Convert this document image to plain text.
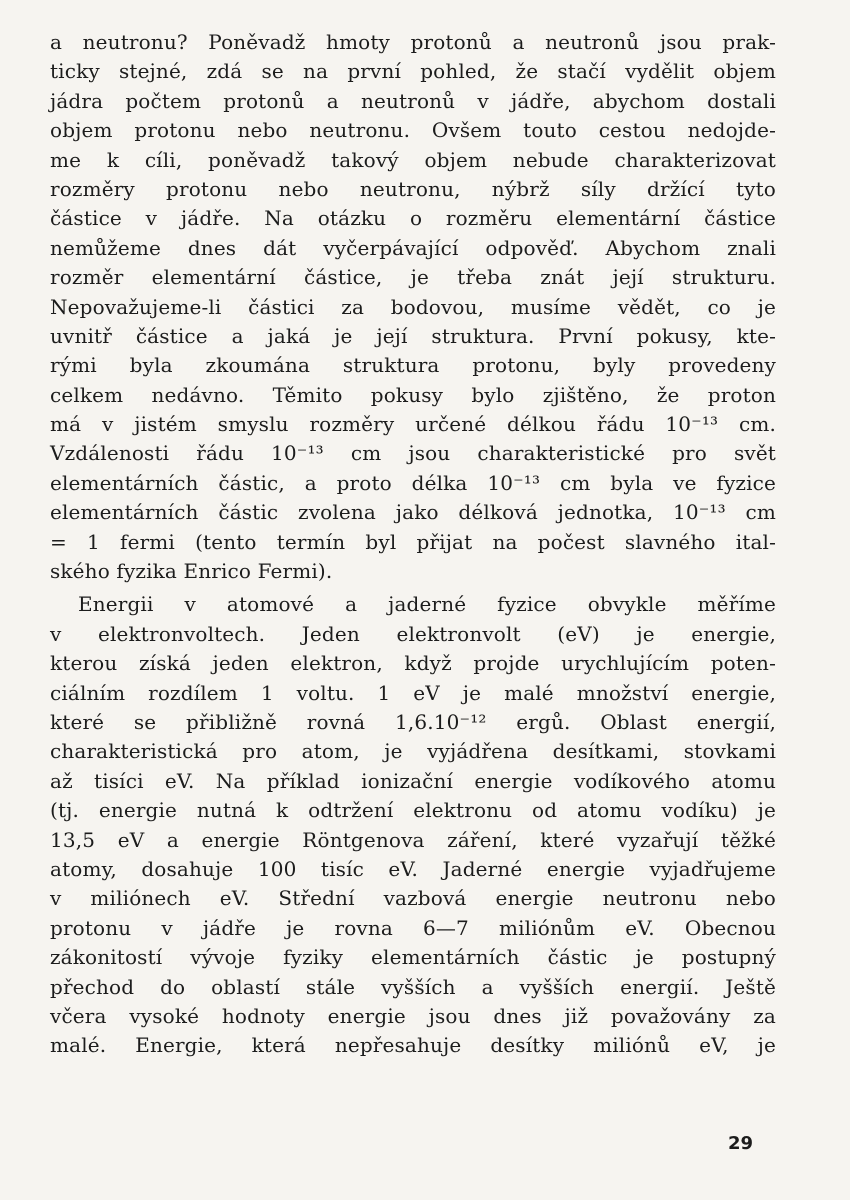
a neutronu? Poněvadž hmoty protonů a neutronů jsou prak-
ticky stejné, zdá se na první pohled, že stačí vydělit objem
jádra počtem protonů a neutronů v jádře, abychom dostali
objem protonu nebo neutronu. Ovšem touto cestou nedojde-
me k cíli, poněvadž takový objem nebude charakterizovat
rozměry protonu nebo neutronu, nýbrž síly držící tyto
částice v jádře. Na otázku o rozměru elementární částice
nemůžeme dnes dát vyčerpávající odpověď. Abychom znali
rozměr elementární částice, je třeba znát její strukturu.
Nepovažujeme-li částici za bodovou, musíme vědět, co je
uvnitř částice a jaká je její struktura. První pokusy, kte-
rými byla zkoumána struktura protonu, byly provedeny
celkem nedávno. Těmito pokusy bylo zjištěno, že proton
má v jistém smyslu rozměry určené délkou řádu 10⁻¹³ cm.
Vzdálenosti řádu 10⁻¹³ cm jsou charakteristické pro svět
elementárních částic, a proto délka 10⁻¹³ cm byla ve fyzice
elementárních částic zvolena jako délková jednotka, 10⁻¹³ cm
= 1 fermi (tento termín byl přijat na počest slavného ital-
ského fyzika Enrico Fermi).
Energii v atomové a jaderné fyzice obvykle měříme
v elektronvoltech. Jeden elektronvolt (eV) je energie,
kterou získá jeden elektron, když projde urychlujícím poten-
ciálním rozdílem 1 voltu. 1 eV je malé množství energie,
které se přibližně rovná 1,6.10⁻¹² ergů. Oblast energií,
charakteristická pro atom, je vyjádřena desítkami, stovkami
až tisíci eV. Na příklad ionizační energie vodíkového atomu
(tj. energie nutná k odtržení elektronu od atomu vodíku) je
13,5 eV a energie Röntgenova záření, které vyzařují těžké
atomy, dosahuje 100 tisíc eV. Jaderné energie vyjadřujeme
v miliónech eV. Střední vazbová energie neutronu nebo
protonu v jádře je rovna 6—7 miliónům eV. Obecnou
zákonitostí vývoje fyziky elementárních částic je postupný
přechod do oblastí stále vyšších a vyšších energií. Ještě
včera vysoké hodnoty energie jsou dnes již považovány za
malé. Energie, která nepřesahuje desítky miliónů eV, je
29
